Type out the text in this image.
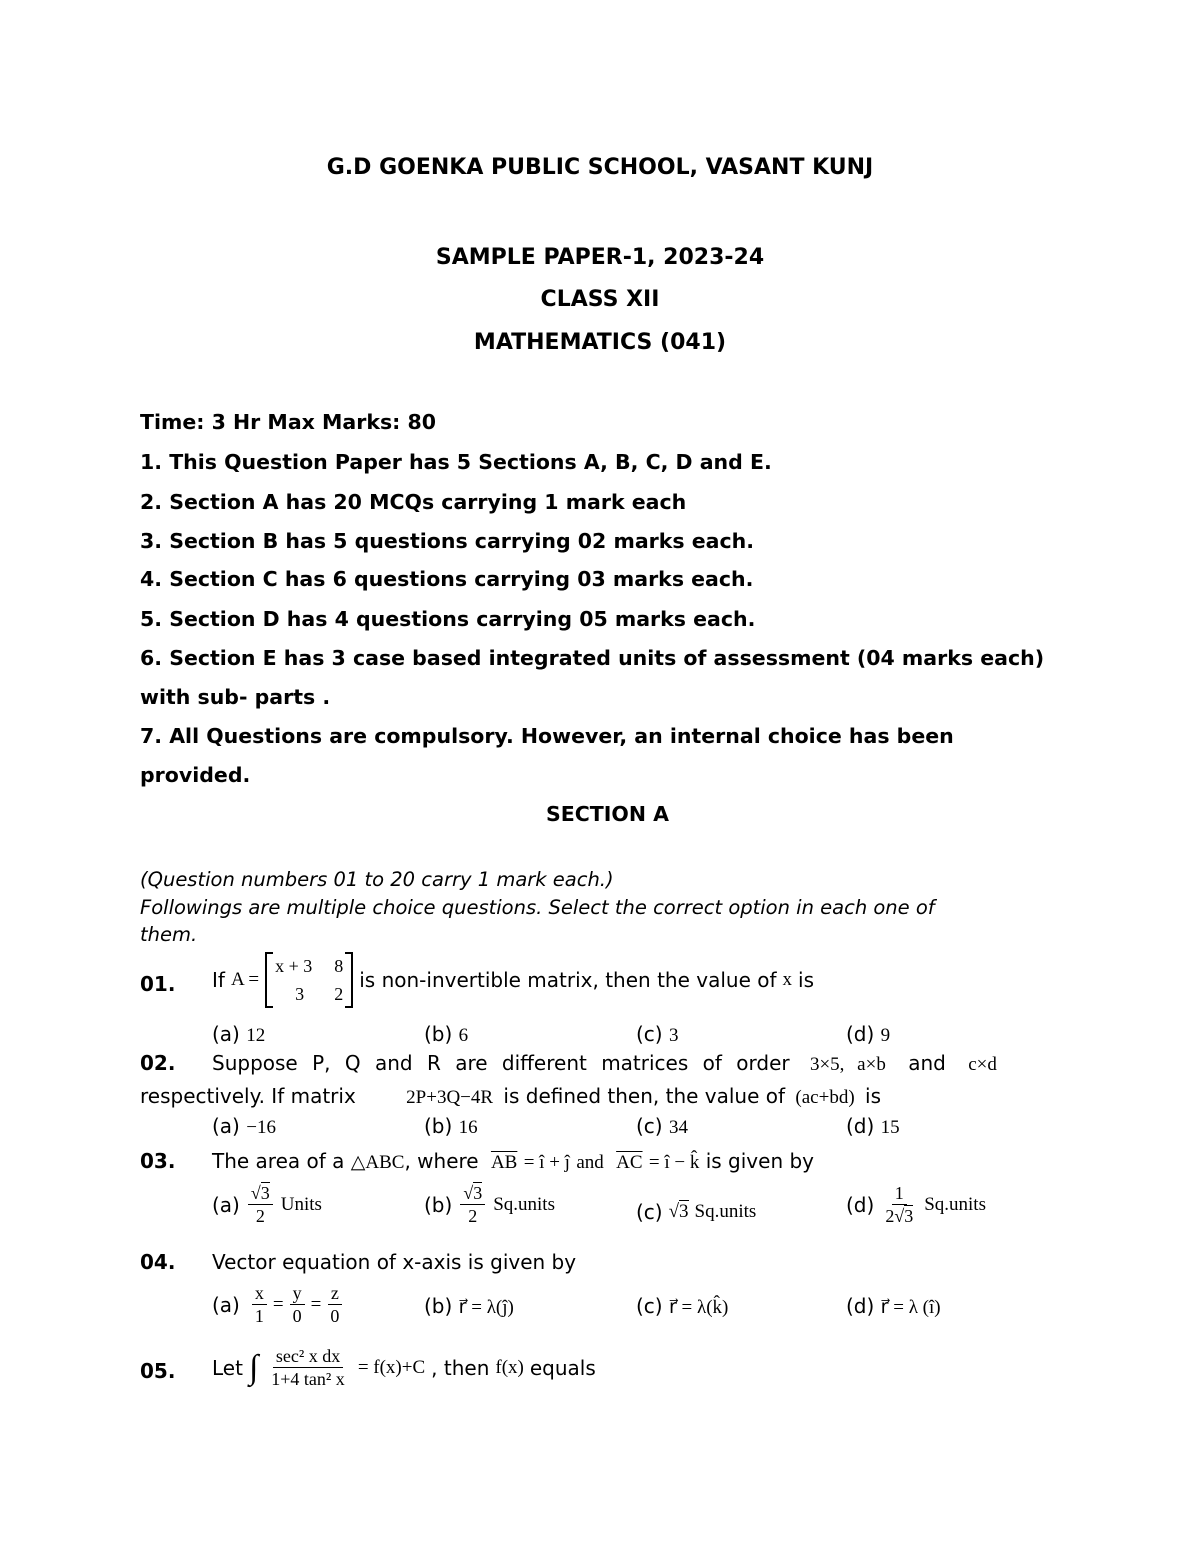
G.D GOENKA PUBLIC SCHOOL, VASANT KUNJ
SAMPLE PAPER-1, 2023-24
CLASS XII
MATHEMATICS (041)
Time: 3 Hr Max Marks: 80
1. This Question Paper has 5 Sections A, B, C, D and E.
2. Section A has 20 MCQs carrying 1 mark each
3. Section B has 5 questions carrying 02 marks each.
4. Section C has 6 questions carrying 03 marks each.
5. Section D has 4 questions carrying 05 marks each.
6. Section E has 3 case based integrated units of assessment (04 marks each)
with sub- parts .
7. All Questions are compulsory. However, an internal choice has been
provided.
SECTION A
(Question numbers 01 to 20 carry 1 mark each.)
Followings are multiple choice questions. Select the correct option in each one of
them.
01. If A =
x + 3 8
3 2
is non-invertible matrix, then the value of x is
(a) 12	(b) 6	(c) 3	(d) 9
02. Suppose P, Q and R are different matrices of order 3×5, a×b and c×d
respectively. If matrix	2P+3Q−4R is defined then, the value of (ac+bd) is
(a) −16	(b) 16	(c) 34	(d) 15
03. The area of a △ABC, where $\overline{AB}$ = î + ĵ and $\overline{AC}$ = î − k̂ is given by
$(a) \frac{√3}{2}$ Units	$(b) \frac{√3}{2}$ Sq.units	(c) √3 Sq.units	$(d) \frac{1}{2√3}$ Sq.units
04. Vector equation of x-axis is given by
$(a) \frac{x}{1} = \frac{y}{0} = \frac{z}{0}$	(b) r⃗ = λ(ĵ)	(c) r⃗ = λ(k̂)	(d) r⃗ = λ (î)
05. Let ∫ $\frac{\text{sec² x dx}}{\text{1+4 tan² x}} = f(x)+C$ , then f(x) equals
